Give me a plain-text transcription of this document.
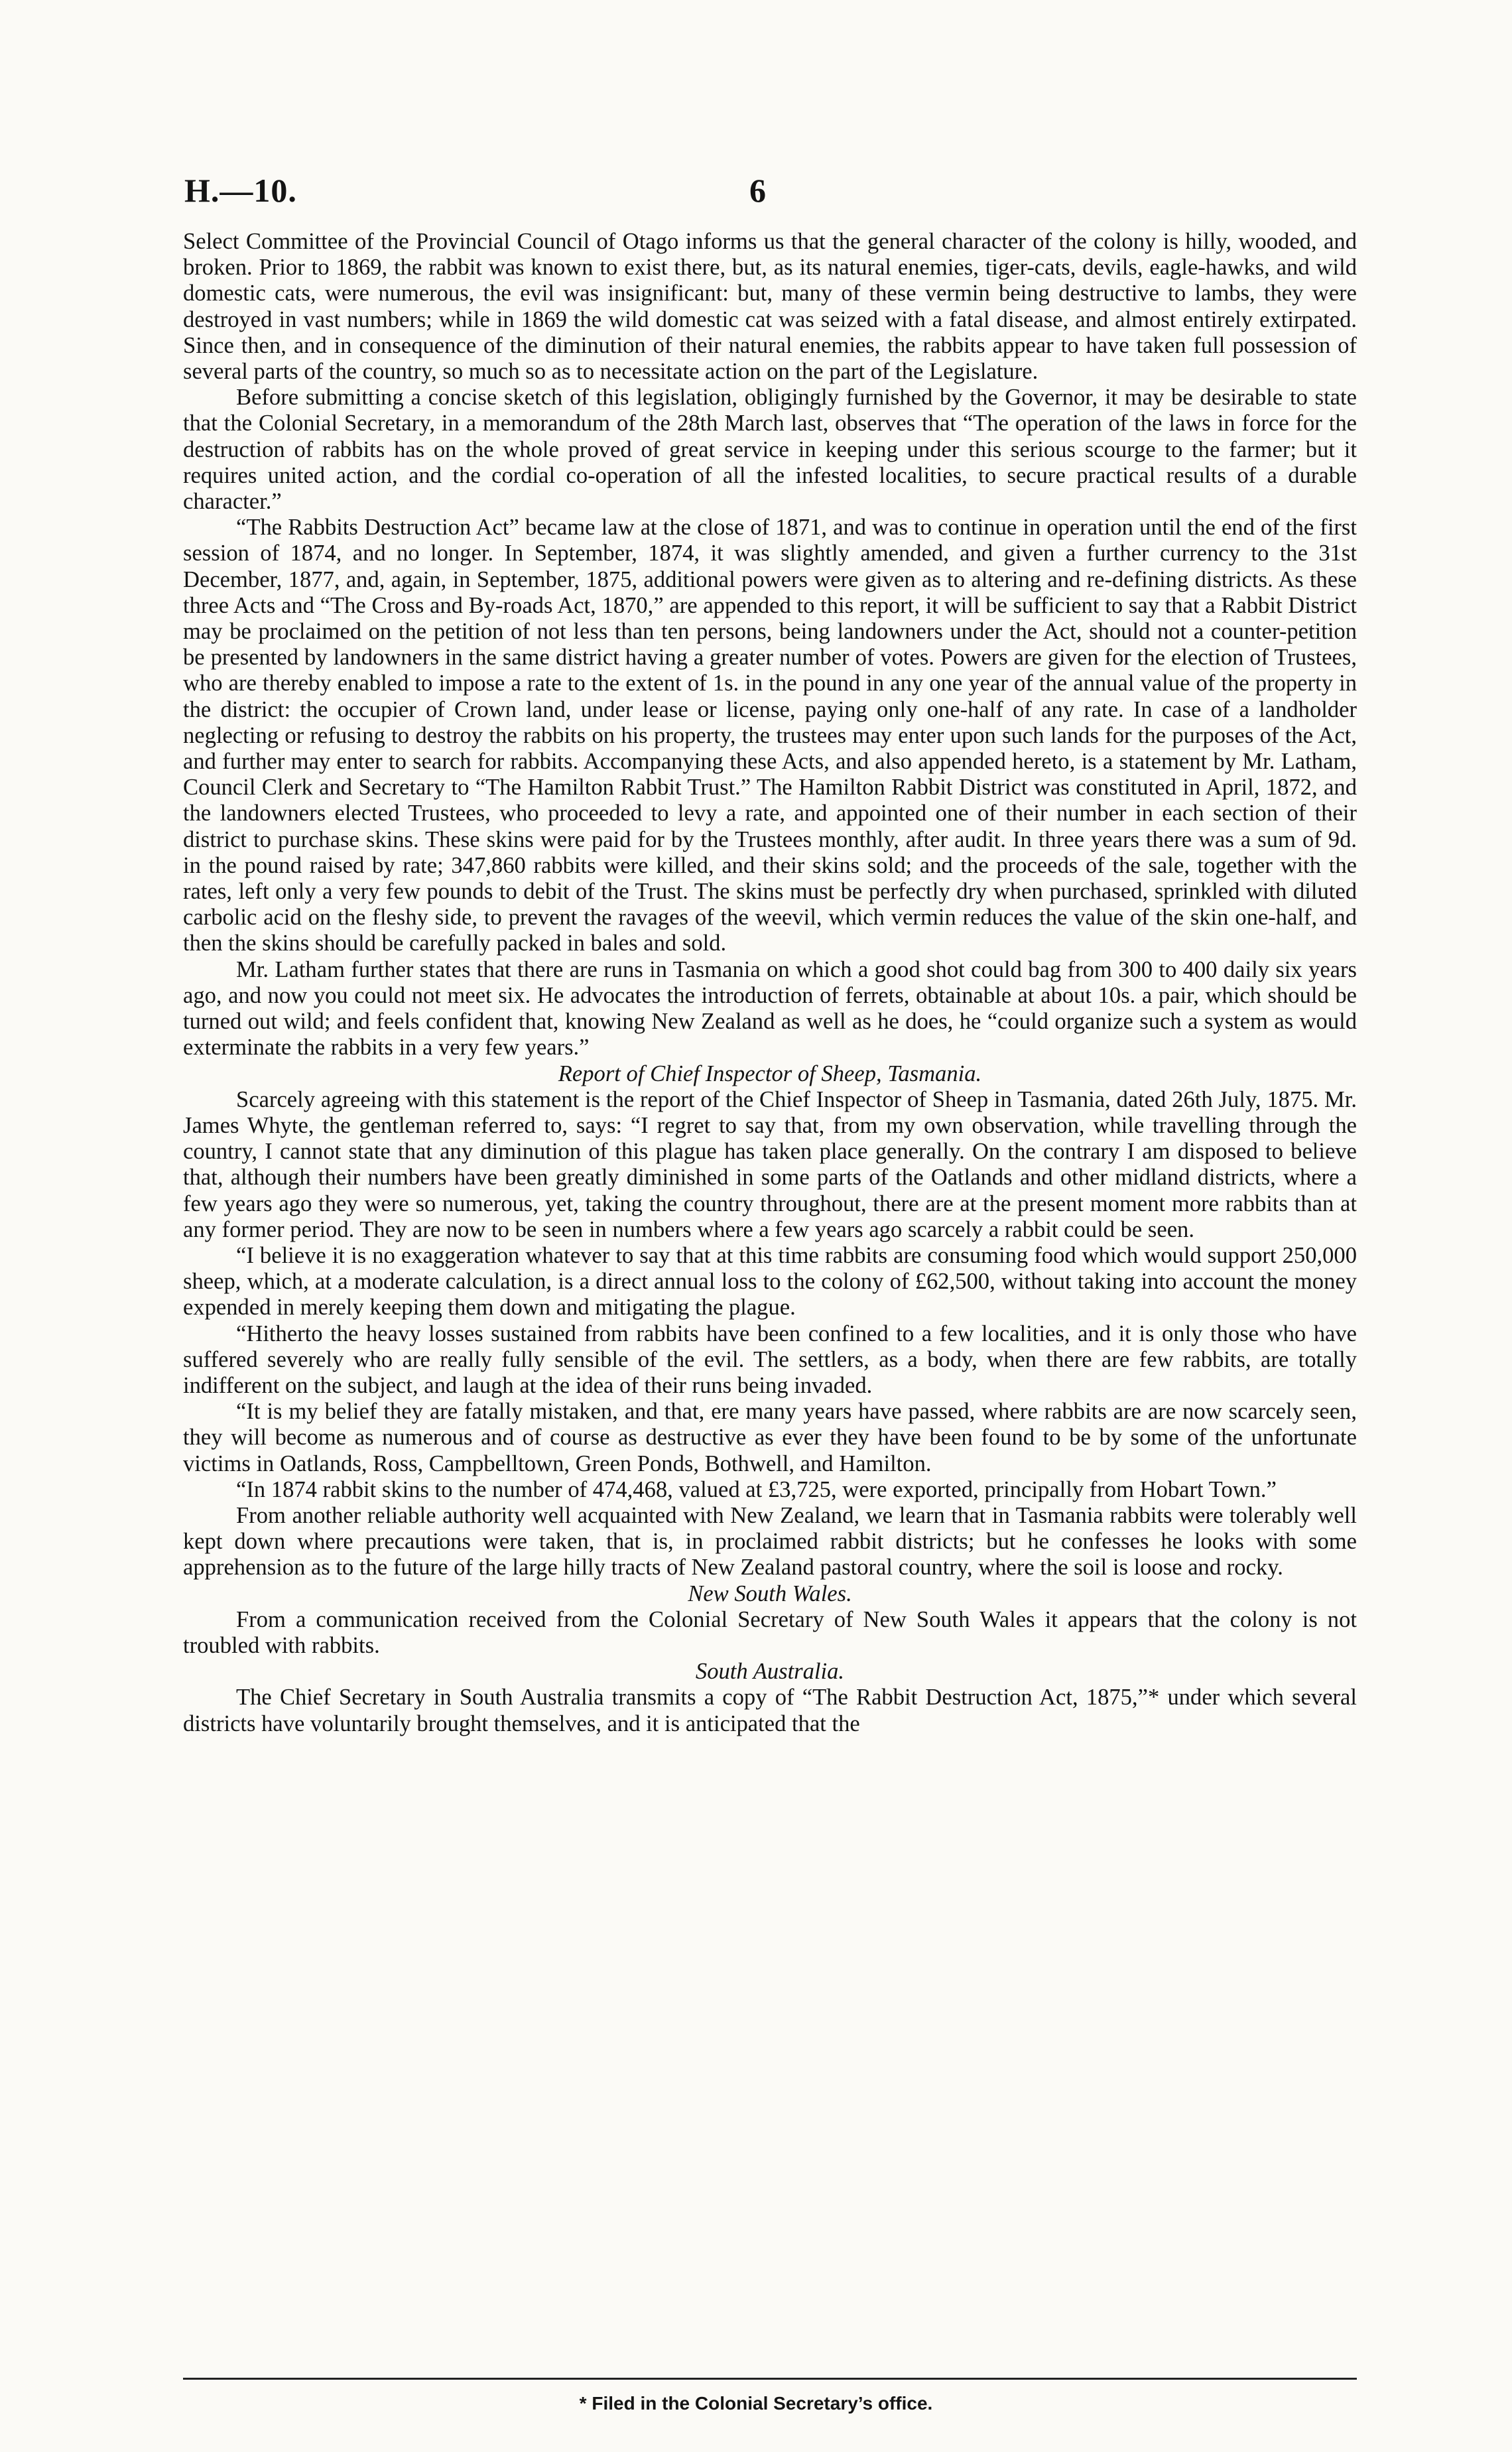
H.—10.	6

Select Committee of the Provincial Council of Otago informs us that the general character of the colony is hilly, wooded, and broken. Prior to 1869, the rabbit was known to exist there, but, as its natural enemies, tiger-cats, devils, eagle-hawks, and wild domestic cats, were numerous, the evil was insignificant: but, many of these vermin being destructive to lambs, they were destroyed in vast numbers; while in 1869 the wild domestic cat was seized with a fatal disease, and almost entirely extirpated. Since then, and in consequence of the diminution of their natural enemies, the rabbits appear to have taken full possession of several parts of the country, so much so as to necessitate action on the part of the Legislature.

Before submitting a concise sketch of this legislation, obligingly furnished by the Governor, it may be desirable to state that the Colonial Secretary, in a memorandum of the 28th March last, observes that “The operation of the laws in force for the destruction of rabbits has on the whole proved of great service in keeping under this serious scourge to the farmer; but it requires united action, and the cordial co-operation of all the infested localities, to secure practical results of a durable character.”

“The Rabbits Destruction Act” became law at the close of 1871, and was to continue in operation until the end of the first session of 1874, and no longer. In September, 1874, it was slightly amended, and given a further currency to the 31st December, 1877, and, again, in September, 1875, additional powers were given as to altering and re-defining districts. As these three Acts and “The Cross and By-roads Act, 1870,” are appended to this report, it will be sufficient to say that a Rabbit District may be proclaimed on the petition of not less than ten persons, being landowners under the Act, should not a counter-petition be presented by landowners in the same district having a greater number of votes. Powers are given for the election of Trustees, who are thereby enabled to impose a rate to the extent of 1s. in the pound in any one year of the annual value of the property in the district: the occupier of Crown land, under lease or license, paying only one-half of any rate. In case of a landholder neglecting or refusing to destroy the rabbits on his property, the trustees may enter upon such lands for the purposes of the Act, and further may enter to search for rabbits. Accompanying these Acts, and also appended hereto, is a statement by Mr. Latham, Council Clerk and Secretary to “The Hamilton Rabbit Trust.” The Hamilton Rabbit District was constituted in April, 1872, and the landowners elected Trustees, who proceeded to levy a rate, and appointed one of their number in each section of their district to purchase skins. These skins were paid for by the Trustees monthly, after audit. In three years there was a sum of 9d. in the pound raised by rate; 347,860 rabbits were killed, and their skins sold; and the proceeds of the sale, together with the rates, left only a very few pounds to debit of the Trust. The skins must be perfectly dry when purchased, sprinkled with diluted carbolic acid on the fleshy side, to prevent the ravages of the weevil, which vermin reduces the value of the skin one-half, and then the skins should be carefully packed in bales and sold.

Mr. Latham further states that there are runs in Tasmania on which a good shot could bag from 300 to 400 daily six years ago, and now you could not meet six. He advocates the introduction of ferrets, obtainable at about 10s. a pair, which should be turned out wild; and feels confident that, knowing New Zealand as well as he does, he “could organize such a system as would exterminate the rabbits in a very few years.”

Report of Chief Inspector of Sheep, Tasmania.

Scarcely agreeing with this statement is the report of the Chief Inspector of Sheep in Tasmania, dated 26th July, 1875. Mr. James Whyte, the gentleman referred to, says: “I regret to say that, from my own observation, while travelling through the country, I cannot state that any diminution of this plague has taken place generally. On the contrary I am disposed to believe that, although their numbers have been greatly diminished in some parts of the Oatlands and other midland districts, where a few years ago they were so numerous, yet, taking the country throughout, there are at the present moment more rabbits than at any former period. They are now to be seen in numbers where a few years ago scarcely a rabbit could be seen.

“I believe it is no exaggeration whatever to say that at this time rabbits are consuming food which would support 250,000 sheep, which, at a moderate calculation, is a direct annual loss to the colony of £62,500, without taking into account the money expended in merely keeping them down and mitigating the plague.

“Hitherto the heavy losses sustained from rabbits have been confined to a few localities, and it is only those who have suffered severely who are really fully sensible of the evil. The settlers, as a body, when there are few rabbits, are totally indifferent on the subject, and laugh at the idea of their runs being invaded.

“It is my belief they are fatally mistaken, and that, ere many years have passed, where rabbits are are now scarcely seen, they will become as numerous and of course as destructive as ever they have been found to be by some of the unfortunate victims in Oatlands, Ross, Campbelltown, Green Ponds, Bothwell, and Hamilton.

“In 1874 rabbit skins to the number of 474,468, valued at £3,725, were exported, principally from Hobart Town.”

From another reliable authority well acquainted with New Zealand, we learn that in Tasmania rabbits were tolerably well kept down where precautions were taken, that is, in proclaimed rabbit districts; but he confesses he looks with some apprehension as to the future of the large hilly tracts of New Zealand pastoral country, where the soil is loose and rocky.

New South Wales.

From a communication received from the Colonial Secretary of New South Wales it appears that the colony is not troubled with rabbits.

South Australia.

The Chief Secretary in South Australia transmits a copy of “The Rabbit Destruction Act, 1875,”* under which several districts have voluntarily brought themselves, and it is anticipated that the

* Filed in the Colonial Secretary’s office.
